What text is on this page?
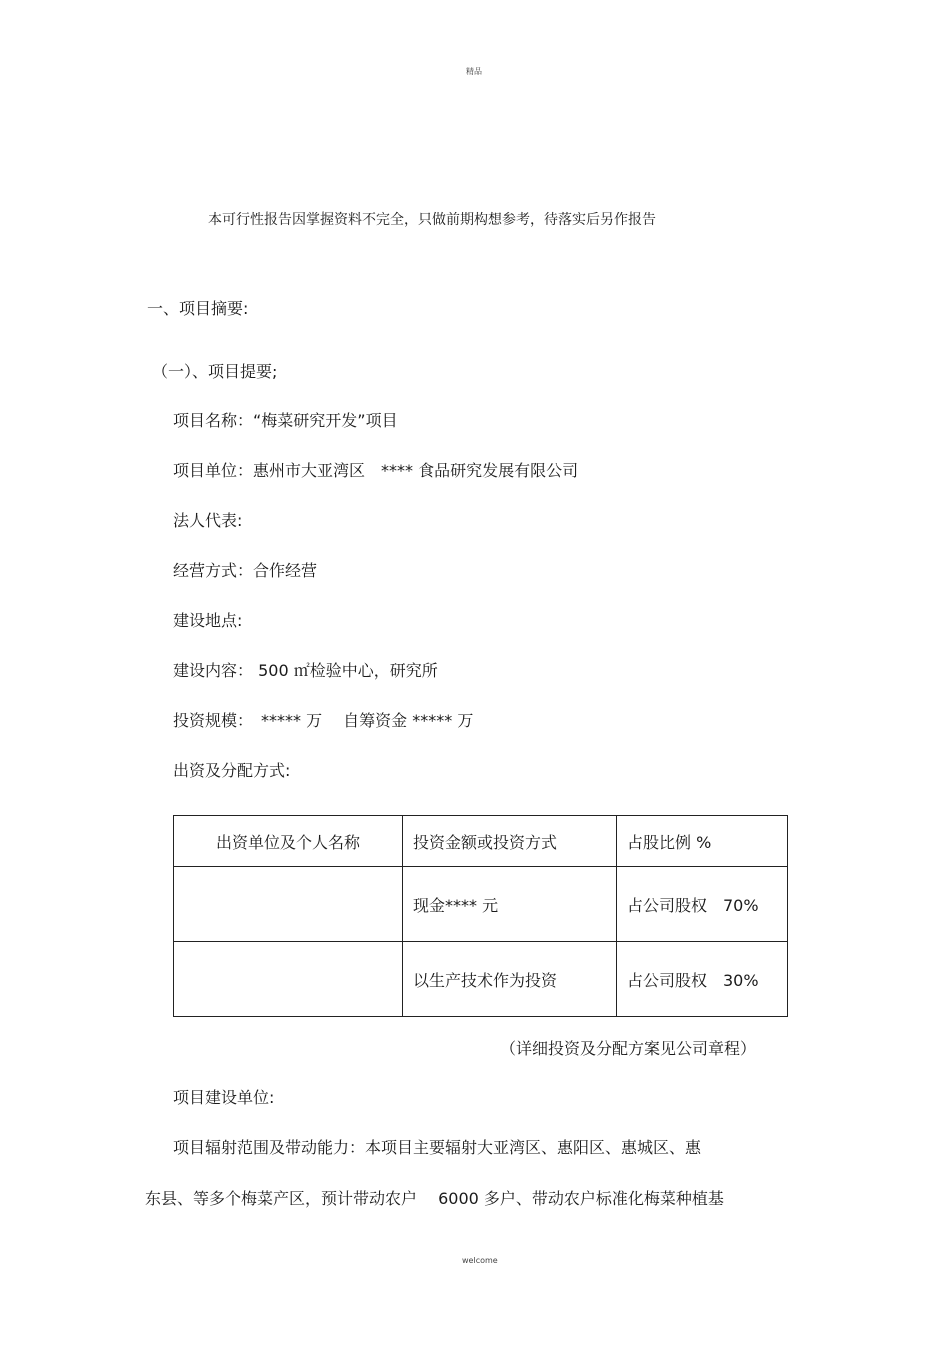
精品
本可行性报告因掌握资料不完全，只做前期构想参考，待落实后另作报告
一、项目摘要:
（一）、项目提要;
项目名称：“梅菜研究开发”项目
项目单位：惠州市大亚湾区　**** 食品研究发展有限公司
法人代表:
经营方式：合作经营
建设地点:
建设内容： 500 ㎡检验中心，研究所
投资规模：　***** 万　 自筹资金 ***** 万
出资及分配方式:
出资单位及个人名称	投资金额或投资方式	占股比例 %
	现金**** 元	占公司股权　70%
	以生产技术作为投资	占公司股权　30%
（详细投资及分配方案见公司章程）
项目建设单位:
项目辐射范围及带动能力：本项目主要辐射大亚湾区、惠阳区、惠城区、惠
东县、等多个梅菜产区，预计带动农户　 6000 多户、带动农户标准化梅菜种植基
welcome
